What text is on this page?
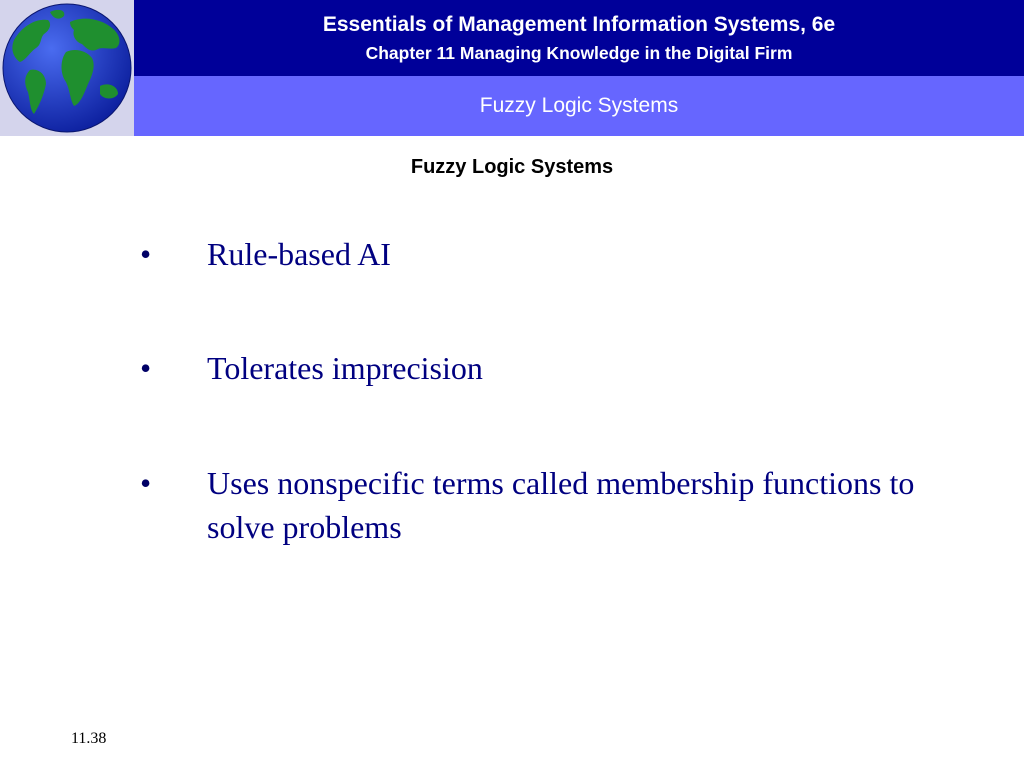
Essentials of Management Information Systems, 6e
Chapter 11 Managing Knowledge in the Digital Firm
Fuzzy Logic Systems
Fuzzy Logic Systems
• Rule-based AI
• Tolerates imprecision
• Uses nonspecific terms called membership functions to solve problems
11.38
